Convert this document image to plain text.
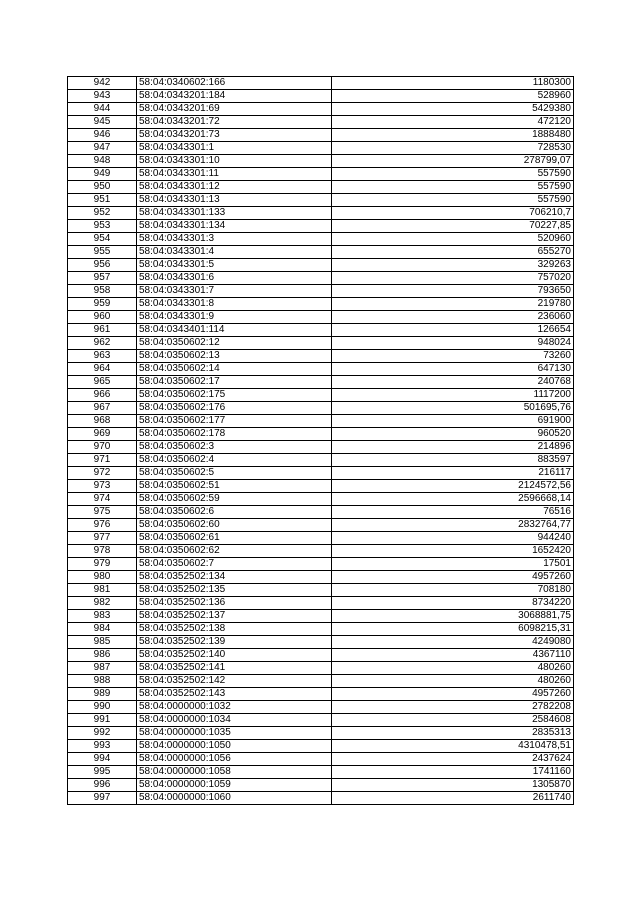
942	58:04:0340602:166	1180300
943	58:04:0343201:184	528960
944	58:04:0343201:69	5429380
945	58:04:0343201:72	472120
946	58:04:0343201:73	1888480
947	58:04:0343301:1	728530
948	58:04:0343301:10	278799,07
949	58:04:0343301:11	557590
950	58:04:0343301:12	557590
951	58:04:0343301:13	557590
952	58:04:0343301:133	706210,7
953	58:04:0343301:134	70227,85
954	58:04:0343301:3	520960
955	58:04:0343301:4	655270
956	58:04:0343301:5	329263
957	58:04:0343301:6	757020
958	58:04:0343301:7	793650
959	58:04:0343301:8	219780
960	58:04:0343301:9	236060
961	58:04:0343401:114	126654
962	58:04:0350602:12	948024
963	58:04:0350602:13	73260
964	58:04:0350602:14	647130
965	58:04:0350602:17	240768
966	58:04:0350602:175	1117200
967	58:04:0350602:176	501695,76
968	58:04:0350602:177	691900
969	58:04:0350602:178	960520
970	58:04:0350602:3	214896
971	58:04:0350602:4	883597
972	58:04:0350602:5	216117
973	58:04:0350602:51	2124572,56
974	58:04:0350602:59	2596668,14
975	58:04:0350602:6	76516
976	58:04:0350602:60	2832764,77
977	58:04:0350602:61	944240
978	58:04:0350602:62	1652420
979	58:04:0350602:7	17501
980	58:04:0352502:134	4957260
981	58:04:0352502:135	708180
982	58:04:0352502:136	8734220
983	58:04:0352502:137	3068881,75
984	58:04:0352502:138	6098215,31
985	58:04:0352502:139	4249080
986	58:04:0352502:140	4367110
987	58:04:0352502:141	480260
988	58:04:0352502:142	480260
989	58:04:0352502:143	4957260
990	58:04:0000000:1032	2782208
991	58:04:0000000:1034	2584608
992	58:04:0000000:1035	2835313
993	58:04:0000000:1050	4310478,51
994	58:04:0000000:1056	2437624
995	58:04:0000000:1058	1741160
996	58:04:0000000:1059	1305870
997	58:04:0000000:1060	2611740
